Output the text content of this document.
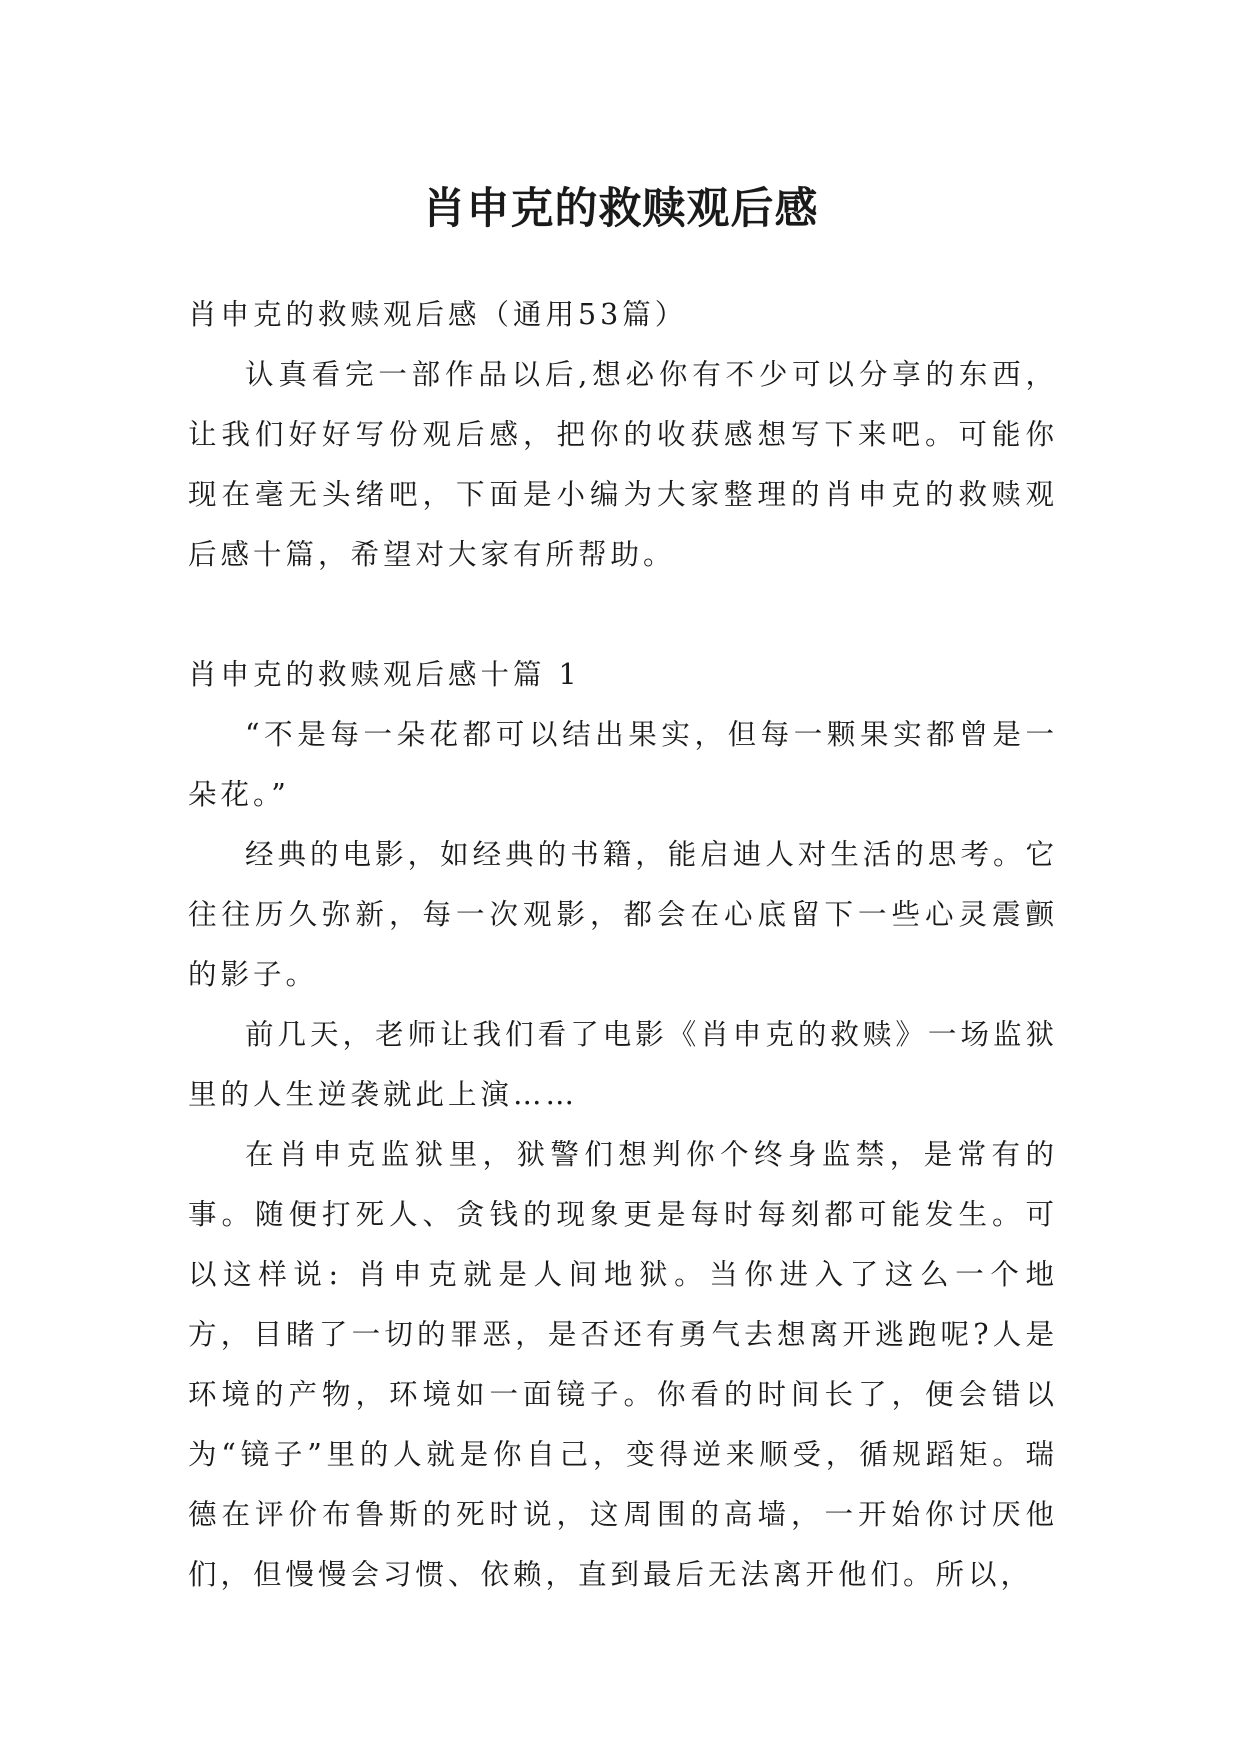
肖申克的救赎观后感

肖申克的救赎观后感（通用53篇）

认真看完一部作品以后,想必你有不少可以分享的东西，让我们好好写份观后感，把你的收获感想写下来吧。可能你现在毫无头绪吧，下面是小编为大家整理的肖申克的救赎观后感十篇，希望对大家有所帮助。

肖申克的救赎观后感十篇 1

“不是每一朵花都可以结出果实，但每一颗果实都曾是一朵花。”

经典的电影，如经典的书籍，能启迪人对生活的思考。它往往历久弥新，每一次观影，都会在心底留下一些心灵震颤的影子。

前几天，老师让我们看了电影《肖申克的救赎》一场监狱里的人生逆袭就此上演……

在肖申克监狱里，狱警们想判你个终身监禁，是常有的事。随便打死人、贪钱的现象更是每时每刻都可能发生。可以这样说: 肖申克就是人间地狱。当你进入了这么一个地方，目睹了一切的罪恶，是否还有勇气去想离开逃跑呢?人是环境的产物，环境如一面镜子。你看的时间长了，便会错以为“镜子”里的人就是你自己，变得逆来顺受，循规蹈矩。瑞德在评价布鲁斯的死时说，这周围的高墙，一开始你讨厌他们，但慢慢会习惯、依赖，直到最后无法离开他们。所以，
